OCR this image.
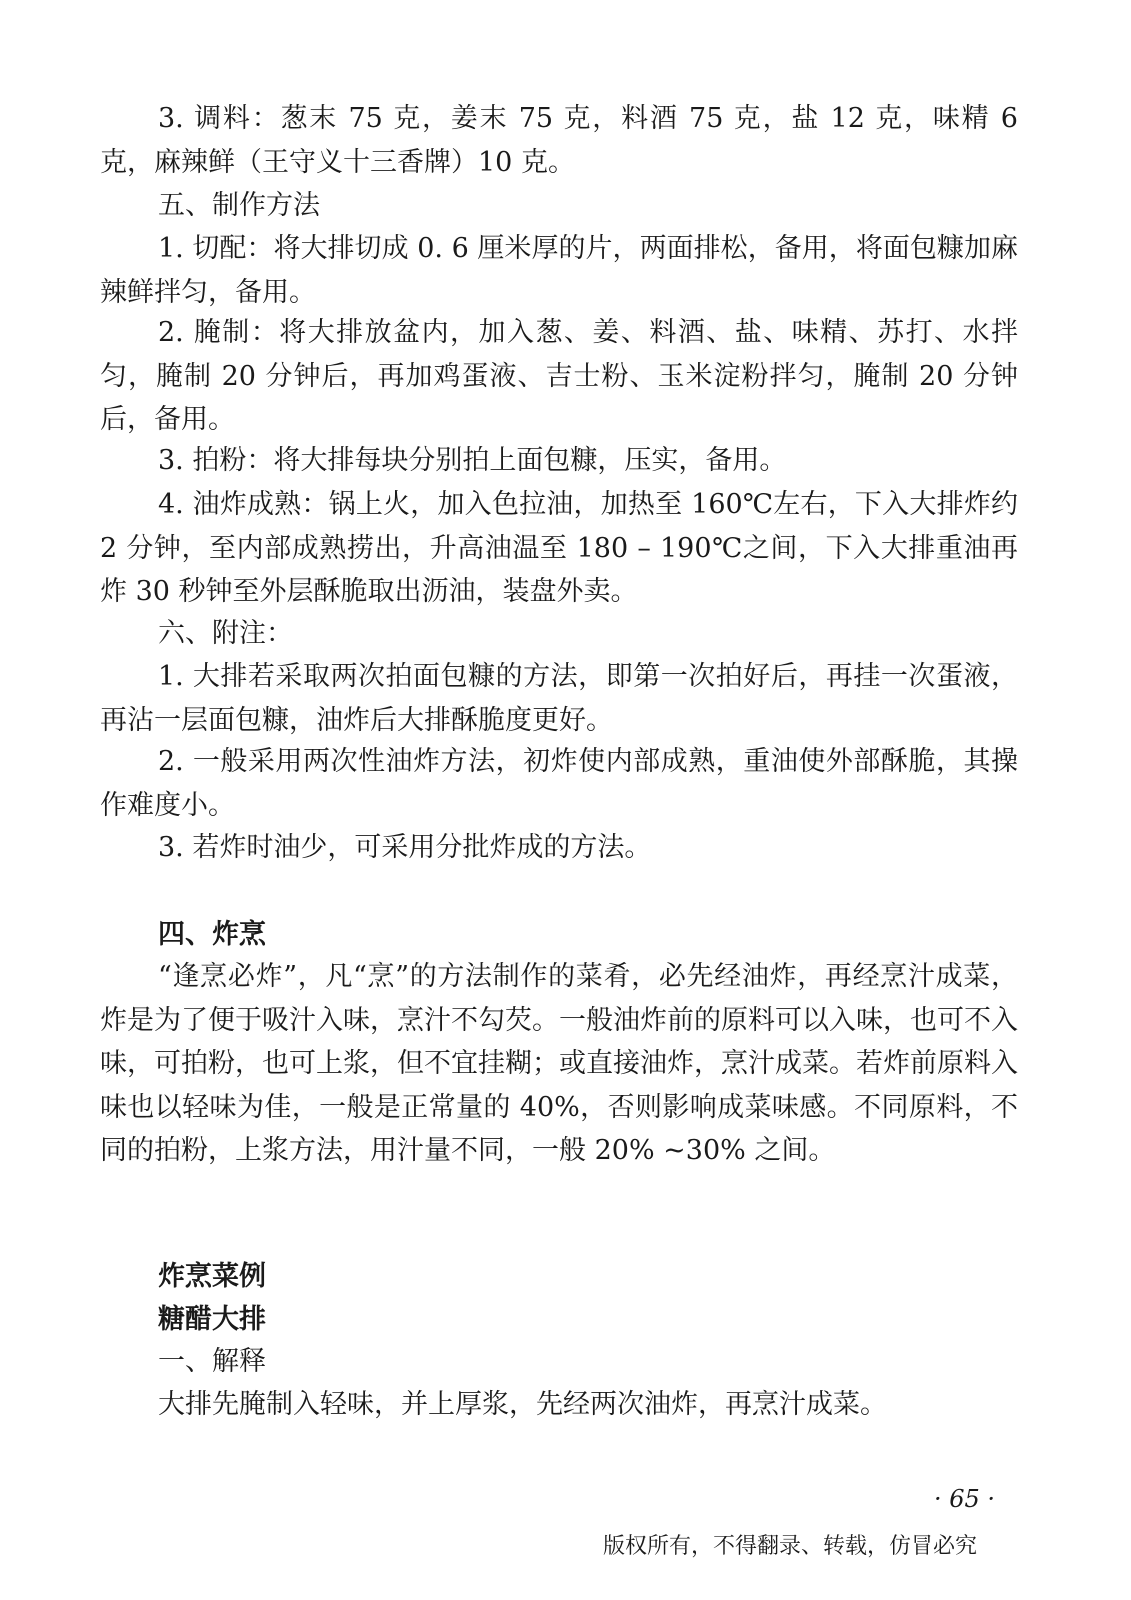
3. 调料：葱末 75 克，姜末 75 克，料酒 75 克，盐 12 克，味精 6 克，麻辣鲜（王守义十三香牌）10 克。

五、制作方法

1. 切配：将大排切成 0. 6 厘米厚的片，两面排松，备用，将面包糠加麻辣鲜拌匀，备用。

2. 腌制：将大排放盆内，加入葱、姜、料酒、盐、味精、苏打、水拌匀，腌制 20 分钟后，再加鸡蛋液、吉士粉、玉米淀粉拌匀，腌制 20 分钟后，备用。

3. 拍粉：将大排每块分别拍上面包糠，压实，备用。

4. 油炸成熟：锅上火，加入色拉油，加热至 160℃左右，下入大排炸约 2 分钟，至内部成熟捞出，升高油温至 180 – 190℃之间，下入大排重油再炸 30 秒钟至外层酥脆取出沥油，装盘外卖。

六、附注：

1. 大排若采取两次拍面包糠的方法，即第一次拍好后，再挂一次蛋液，再沾一层面包糠，油炸后大排酥脆度更好。

2. 一般采用两次性油炸方法，初炸使内部成熟，重油使外部酥脆，其操作难度小。

3. 若炸时油少，可采用分批炸成的方法。

四、炸烹

“逢烹必炸”，凡“烹”的方法制作的菜肴，必先经油炸，再经烹汁成菜，炸是为了便于吸汁入味，烹汁不勾芡。一般油炸前的原料可以入味，也可不入味，可拍粉，也可上浆，但不宜挂糊；或直接油炸，烹汁成菜。若炸前原料入味也以轻味为佳，一般是正常量的 40%，否则影响成菜味感。不同原料，不同的拍粉，上浆方法，用汁量不同，一般 20% ~30% 之间。

炸烹菜例

糖醋大排

一、解释

大排先腌制入轻味，并上厚浆，先经两次油炸，再烹汁成菜。

· 65 ·
版权所有，不得翻录、转载，仿冒必究
